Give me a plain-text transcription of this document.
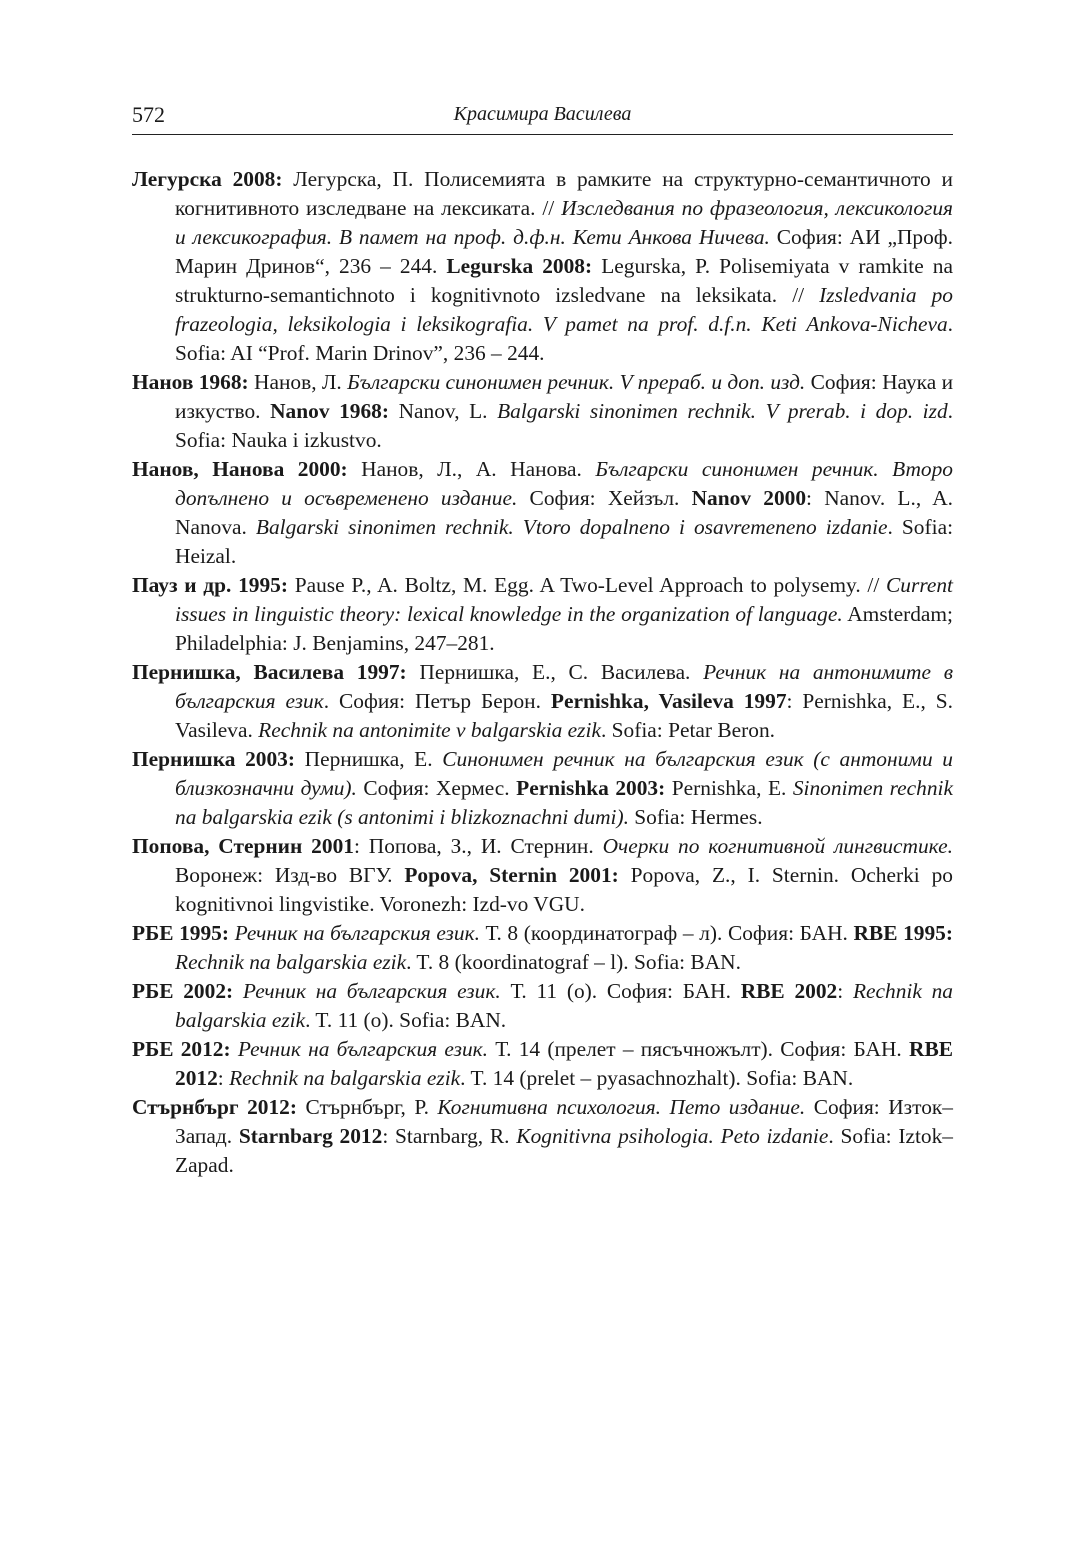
572	Красимира Василева
Легурска 2008: Легурска, П. Полисемията в рамките на структурно-семантичното и когнитивното изследване на лексиката. // Изследвания по фразеология, лексикология и лексикография. В памет на проф. д.ф.н. Кети Анкова Ничева. София: АИ „Проф. Марин Дринов“, 236 – 244. Legurska 2008: Legurska, P. Polisemiyata v ramkite na strukturno-semantichnoto i kognitivnoto izsledvane na leksikata. // Izsledvania po frazeologia, leksikologia i leksikografia. V pamet na prof. d.f.n. Keti Ankova-Nicheva. Sofia: AI “Prof. Marin Drinov”, 236 – 244.
Нанов 1968: Нанов, Л. Български синонимен речник. V прераб. и доп. изд. София: Наука и изкуство. Nanov 1968: Nanov, L. Balgarski sinonimen rechnik. V prerab. i dop. izd. Sofia: Nauka i izkustvo.
Нанов, Нанова 2000: Нанов, Л., А. Нанова. Български синонимен речник. Второ допълнено и осъвременено издание. София: Хейзъл. Nanov 2000: Nanov. L., A. Nanova. Balgarski sinonimen rechnik. Vtoro dopalneno i osavremeneno izdanie. Sofia: Heizal.
Пауз и др. 1995: Pause P., A. Boltz, M. Egg. A Two-Level Approach to polysemy. // Current issues in linguistic theory: lexical knowledge in the organization of language. Amsterdam; Philadelphia: J. Benjamins, 247–281.
Пернишка, Василева 1997: Пернишка, Е., С. Василева. Речник на антонимите в българския език. София: Петър Берон. Pernishka, Vasileva 1997: Pernishka, E., S. Vasileva. Rechnik na antonimite v balgarskia ezik. Sofia: Petar Beron.
Пернишка 2003: Пернишка, Е. Синонимен речник на българския език (с антоними и близкозначни думи). София: Хермес. Pernishka 2003: Pernishka, E. Sinonimen rechnik na balgarskia ezik (s antonimi i blizkoznachni dumi). Sofia: Hermes.
Попова, Стернин 2001: Попова, З., И. Стернин. Очерки по когнитивной лингвистике. Воронеж: Изд-во ВГУ. Popova, Sternin 2001: Popova, Z., I. Sternin. Ocherki po kognitivnoi lingvistike. Voronezh: Izd-vo VGU.
РБЕ 1995: Речник на българския език. Т. 8 (координатограф – л). София: БАН. RBE 1995: Rechnik na balgarskia ezik. T. 8 (koordinatograf – l). Sofia: BAN.
РБЕ 2002: Речник на българския език. Т. 11 (о). София: БАН. RBE 2002: Rechnik na balgarskia ezik. T. 11 (o). Sofia: BAN.
РБЕ 2012: Речник на българския език. Т. 14 (прелет – пясъчножълт). София: БАН. RBE 2012: Rechnik na balgarskia ezik. T. 14 (prelet – pyasachnozhalt). Sofia: BAN.
Стърнбърг 2012: Стърнбърг, Р. Когнитивна психология. Пето издание. София: Изток–Запад. Starnbarg 2012: Starnbarg, R. Kognitivna psihologia. Peto izdanie. Sofia: Iztok–Zapad.
